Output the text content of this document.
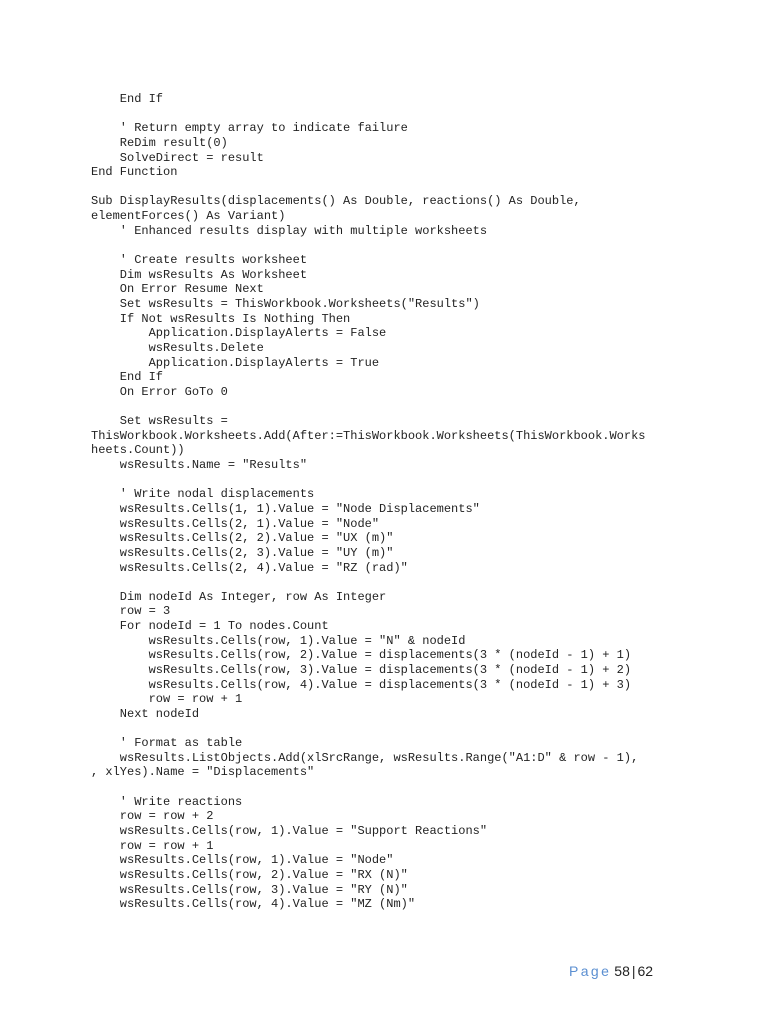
End If
' Return empty array to indicate failure
ReDim result(0)
SolveDirect = result
End Function
Sub DisplayResults(displacements() As Double, reactions() As Double,
elementForces() As Variant)
' Enhanced results display with multiple worksheets
' Create results worksheet
Dim wsResults As Worksheet
On Error Resume Next
Set wsResults = ThisWorkbook.Worksheets("Results")
If Not wsResults Is Nothing Then
Application.DisplayAlerts = False
wsResults.Delete
Application.DisplayAlerts = True
End If
On Error GoTo 0
Set wsResults =
ThisWorkbook.Worksheets.Add(After:=ThisWorkbook.Worksheets(ThisWorkbook.Works
heets.Count))
wsResults.Name = "Results"
' Write nodal displacements
wsResults.Cells(1, 1).Value = "Node Displacements"
wsResults.Cells(2, 1).Value = "Node"
wsResults.Cells(2, 2).Value = "UX (m)"
wsResults.Cells(2, 3).Value = "UY (m)"
wsResults.Cells(2, 4).Value = "RZ (rad)"
Dim nodeId As Integer, row As Integer
row = 3
For nodeId = 1 To nodes.Count
wsResults.Cells(row, 1).Value = "N" & nodeId
wsResults.Cells(row, 2).Value = displacements(3 * (nodeId - 1) + 1)
wsResults.Cells(row, 3).Value = displacements(3 * (nodeId - 1) + 2)
wsResults.Cells(row, 4).Value = displacements(3 * (nodeId - 1) + 3)
row = row + 1
Next nodeId
' Format as table
wsResults.ListObjects.Add(xlSrcRange, wsResults.Range("A1:D" & row - 1),
, xlYes).Name = "Displacements"
' Write reactions
row = row + 2
wsResults.Cells(row, 1).Value = "Support Reactions"
row = row + 1
wsResults.Cells(row, 1).Value = "Node"
wsResults.Cells(row, 2).Value = "RX (N)"
wsResults.Cells(row, 3).Value = "RY (N)"
wsResults.Cells(row, 4).Value = "MZ (Nm)"
Page 58 | 62
